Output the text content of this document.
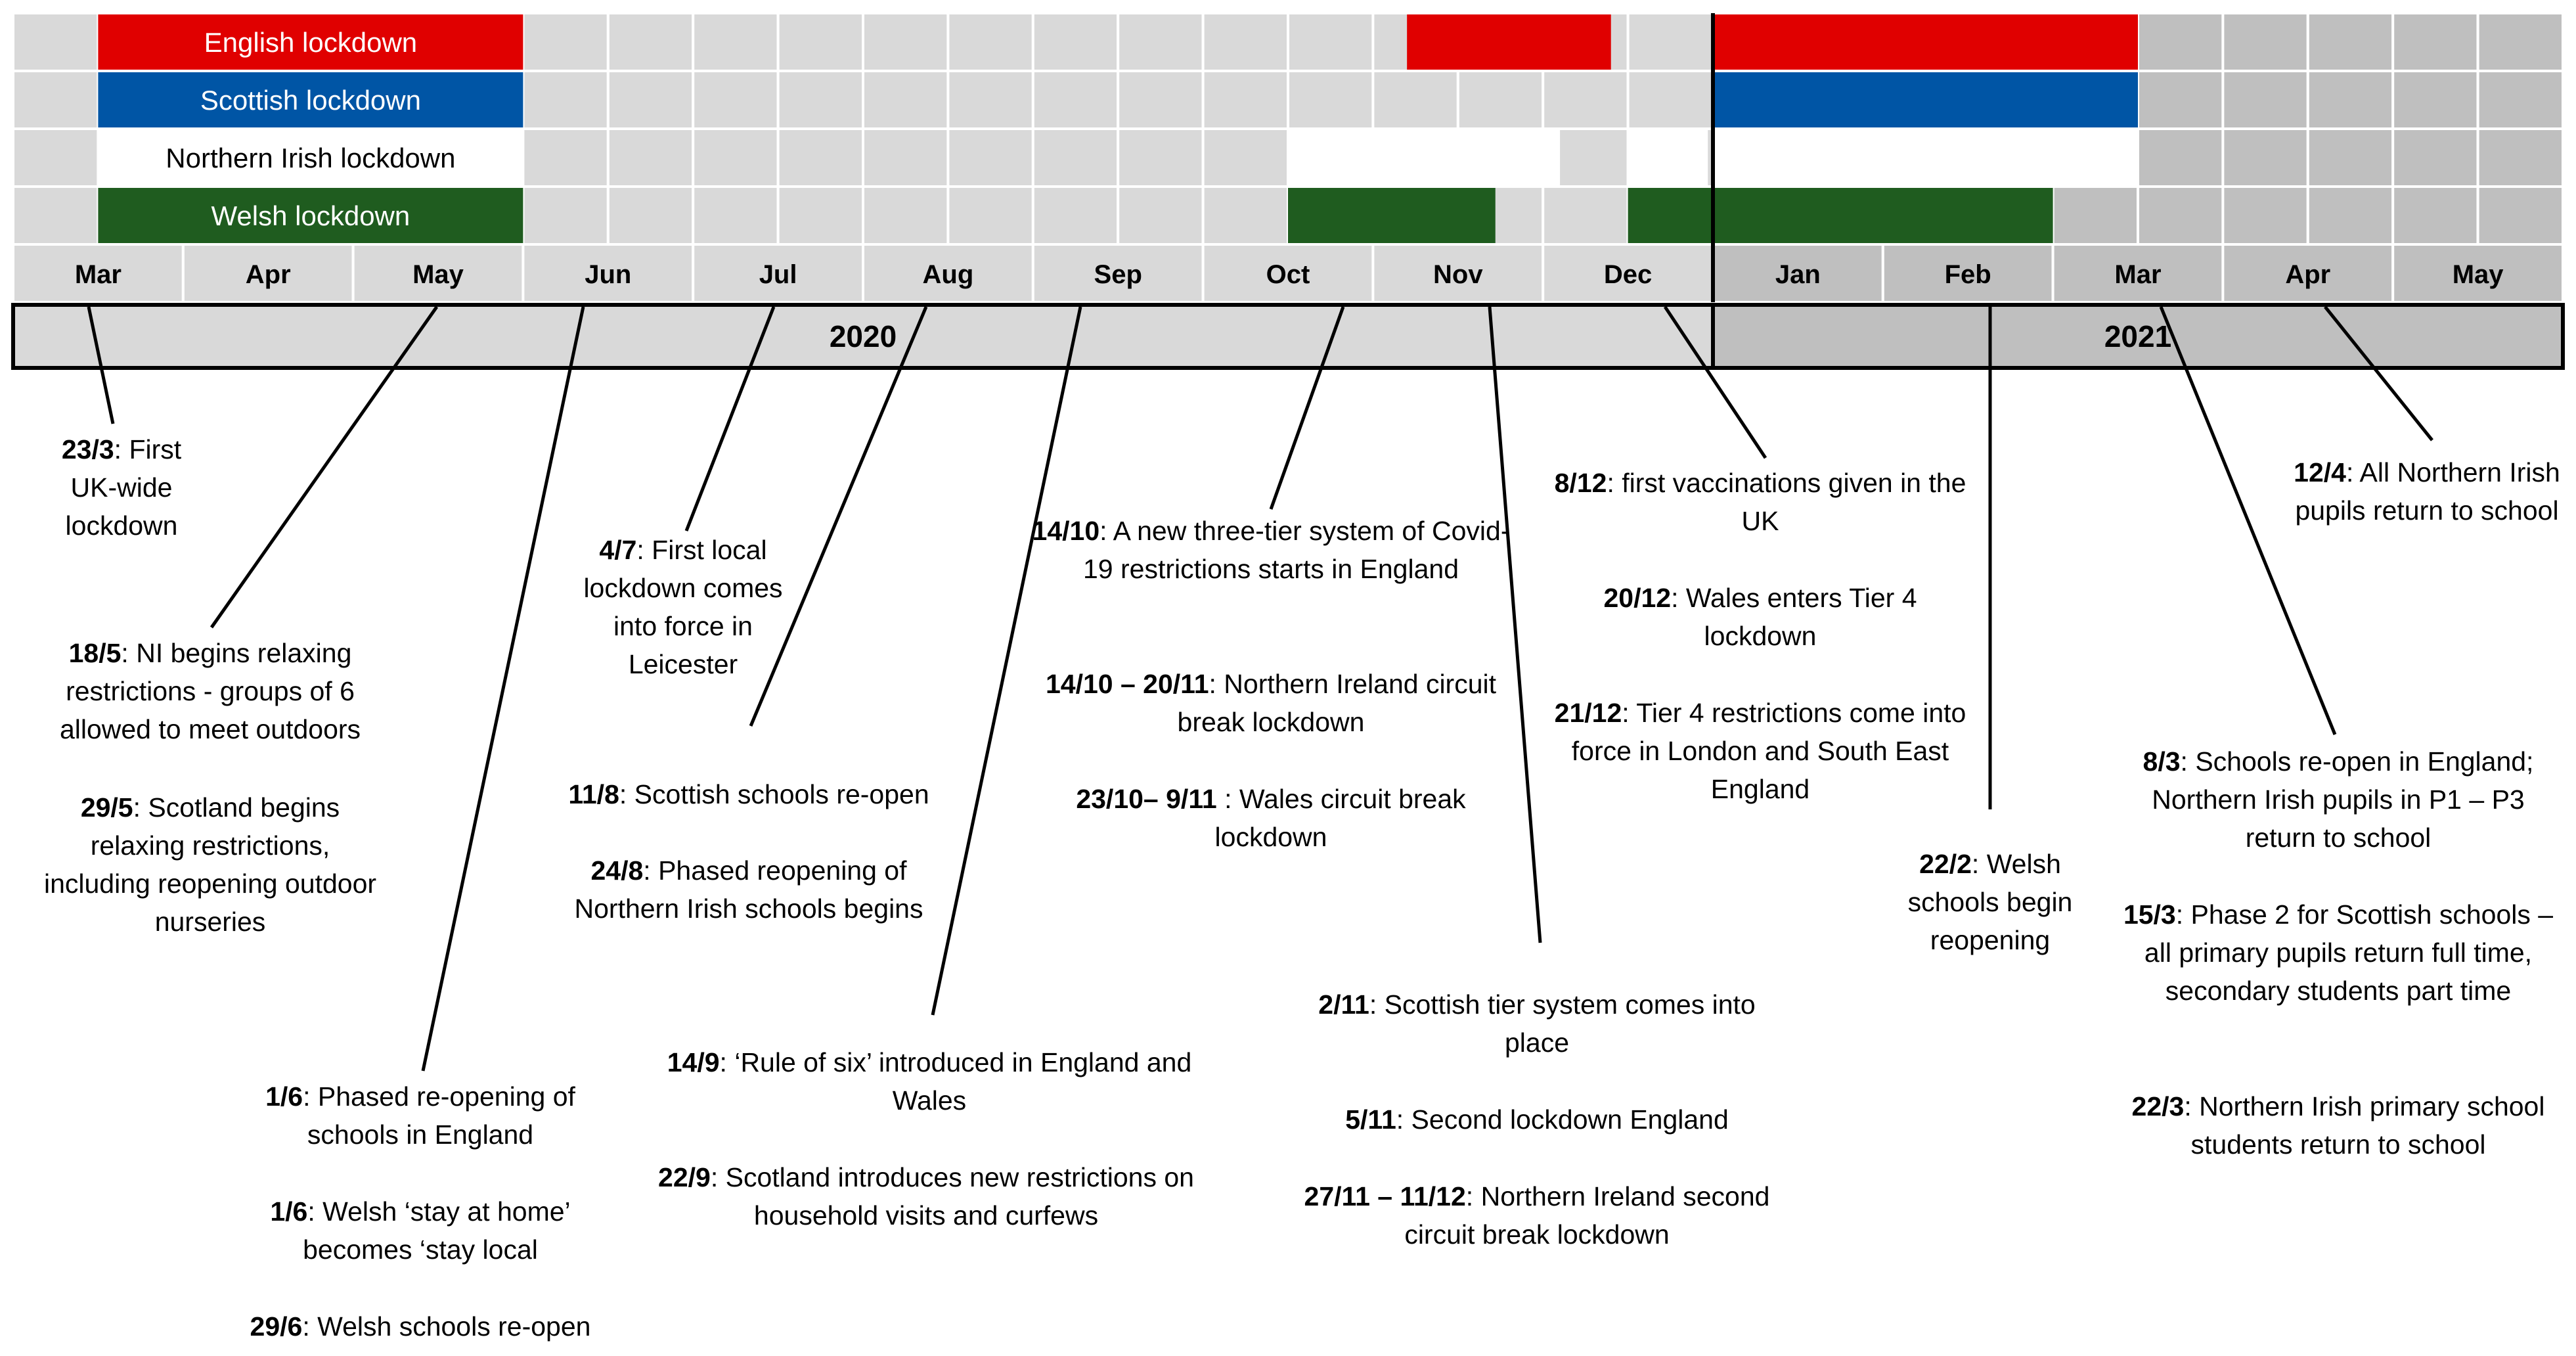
English lockdown
Scottish lockdown
Northern Irish lockdown
Welsh lockdown
Mar	Apr	May	Jun	Jul	Aug	Sep	Oct	Nov	Dec	Jan	Feb	Mar	Apr	May
2020	2021
23/3: First UK-wide lockdown
18/5: NI begins relaxing restrictions - groups of 6 allowed to meet outdoors
29/5: Scotland begins relaxing restrictions, including reopening outdoor nurseries
1/6: Phased re-opening of schools in England
1/6: Welsh ‘stay at home’ becomes ‘stay local
29/6: Welsh schools re-open
4/7: First local lockdown comes into force in Leicester
11/8: Scottish schools re-open
24/8: Phased reopening of Northern Irish schools begins
14/9: ‘Rule of six’ introduced in England and Wales
22/9: Scotland introduces new restrictions on household visits and curfews
14/10: A new three-tier system of Covid-19 restrictions starts in England
14/10 – 20/11: Northern Ireland circuit break lockdown
23/10– 9/11 : Wales circuit break lockdown
2/11: Scottish tier system comes into place
5/11: Second lockdown England
27/11 – 11/12: Northern Ireland second circuit break lockdown
8/12: first vaccinations given in the UK
20/12: Wales enters Tier 4 lockdown
21/12: Tier 4 restrictions come into force in London and South East England
22/2: Welsh schools begin reopening
8/3: Schools re-open in England; Northern Irish pupils in P1 – P3 return to school
15/3: Phase 2 for Scottish schools – all primary pupils return full time, secondary students part time
22/3: Northern Irish primary school students return to school
12/4: All Northern Irish pupils return to school
